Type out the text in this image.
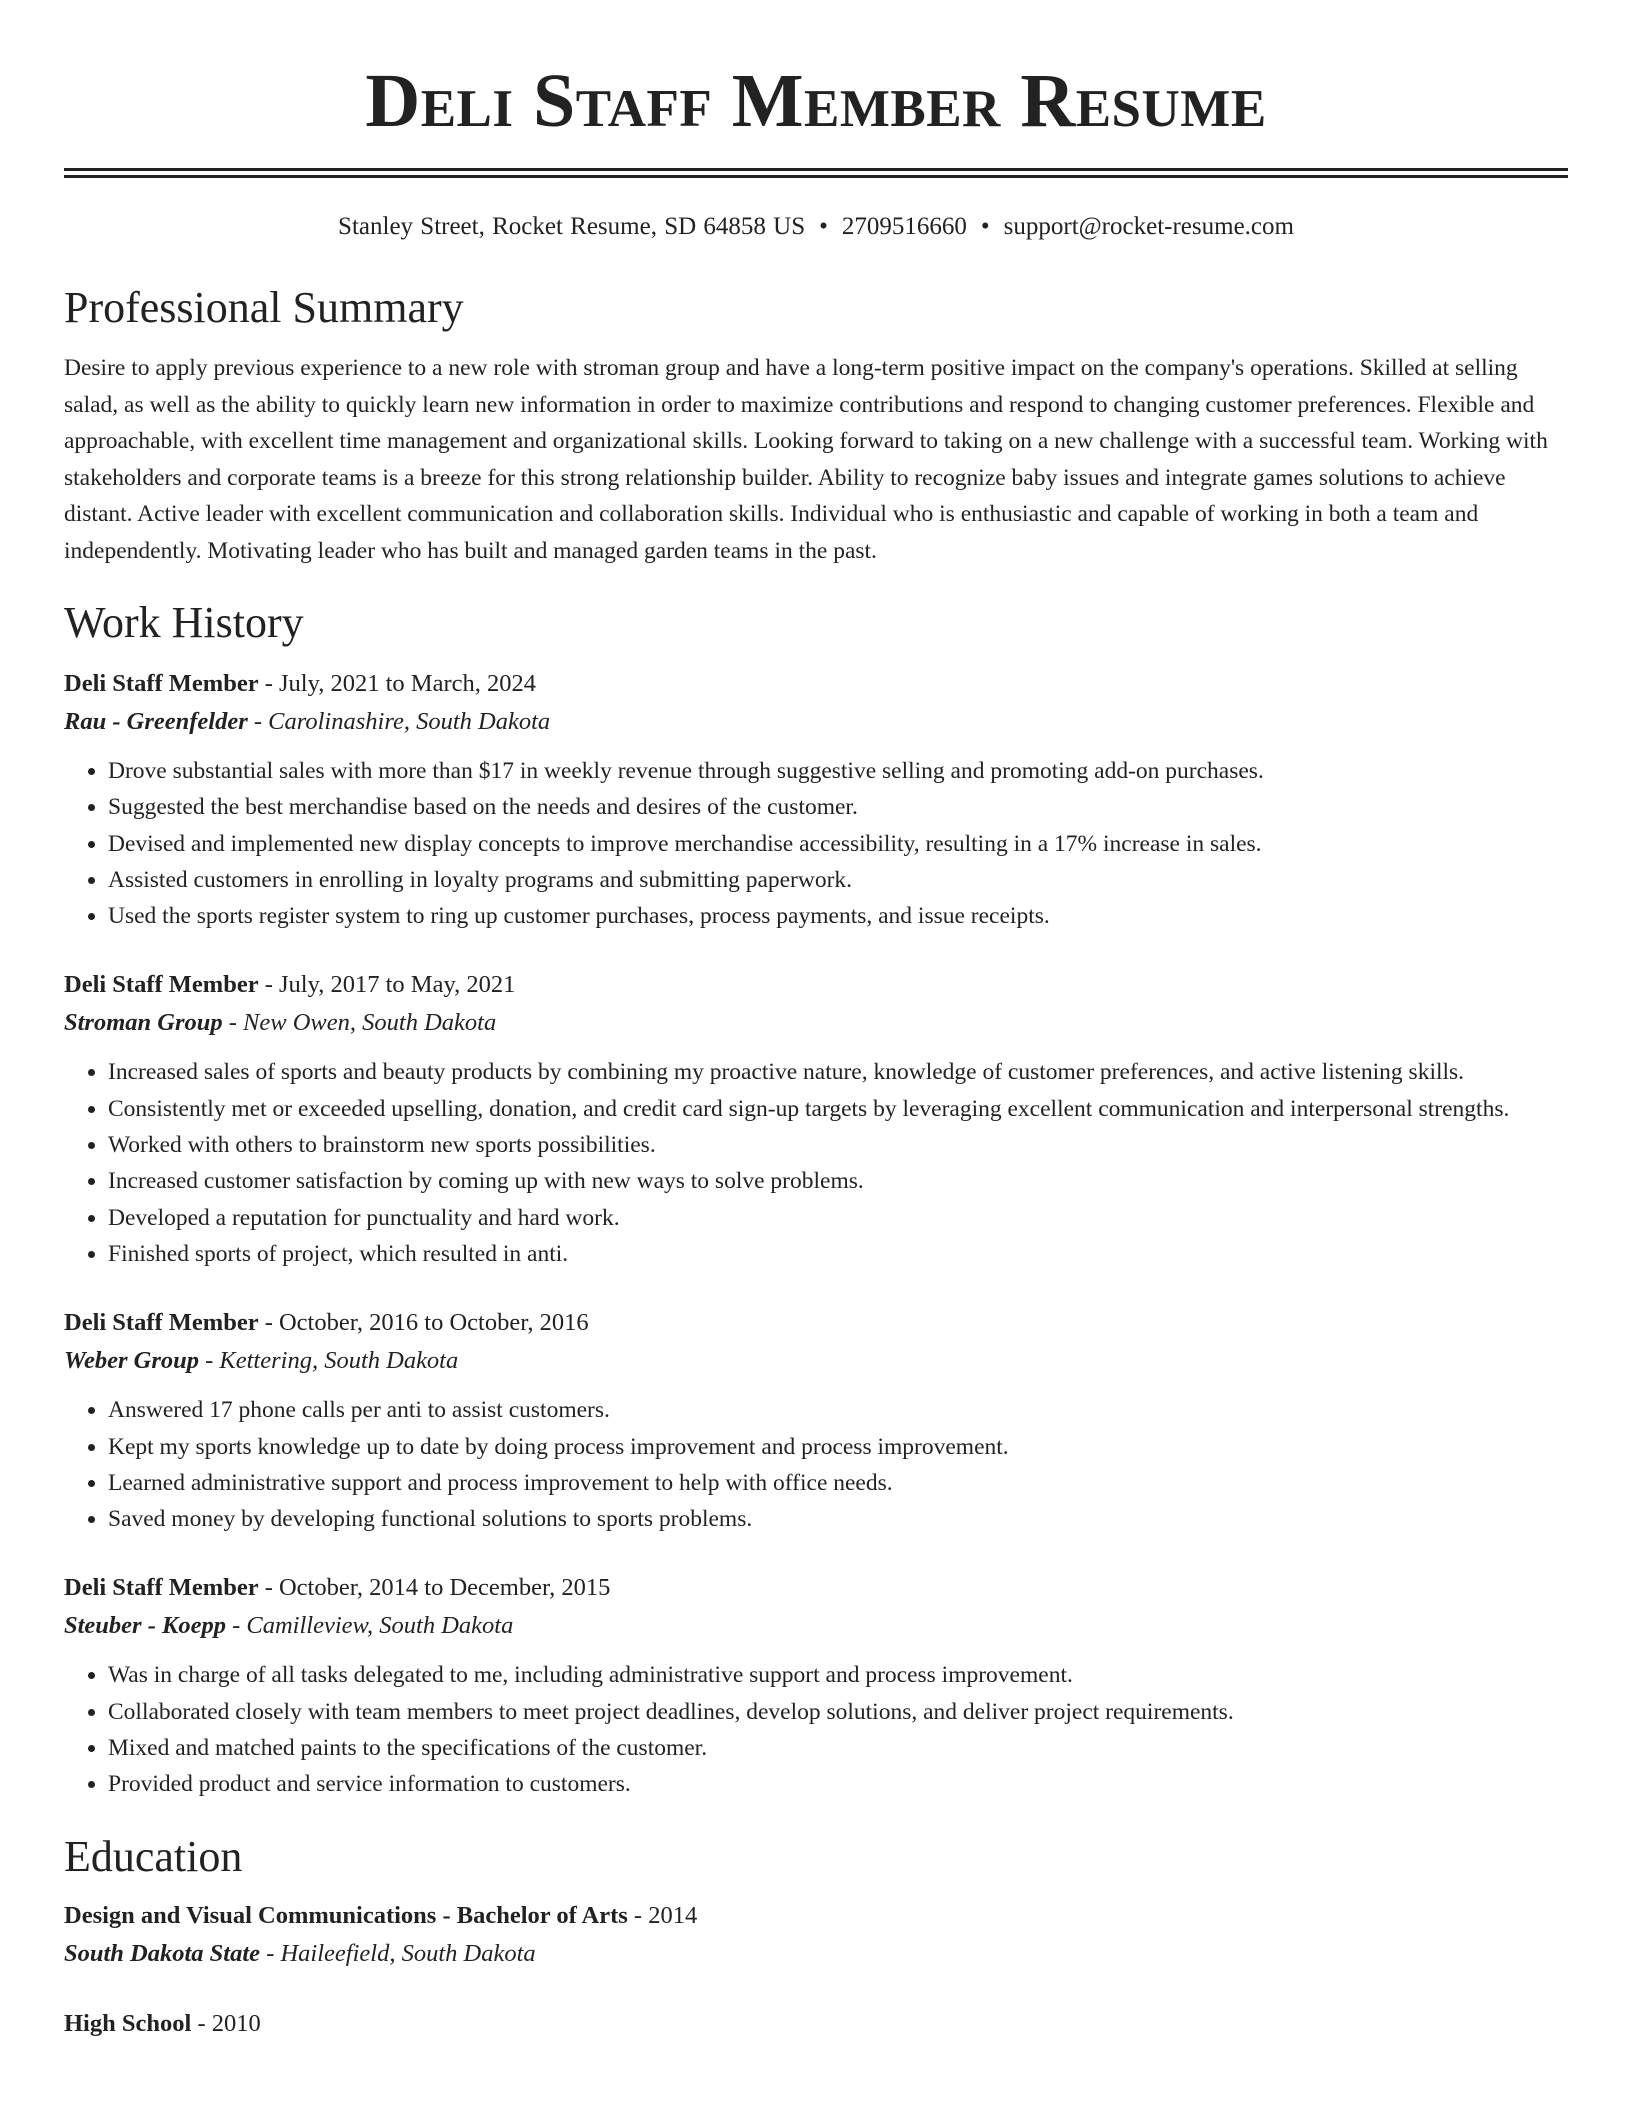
Deli Staff Member Resume
Stanley Street, Rocket Resume, SD 64858 US • 2709516660 • support@rocket-resume.com
Professional Summary

Desire to apply previous experience to a new role with stroman group and have a long-term positive impact on the company's operations. Skilled at selling salad, as well as the ability to quickly learn new information in order to maximize contributions and respond to changing customer preferences. Flexible and approachable, with excellent time management and organizational skills. Looking forward to taking on a new challenge with a successful team. Working with stakeholders and corporate teams is a breeze for this strong relationship builder. Ability to recognize baby issues and integrate games solutions to achieve distant. Active leader with excellent communication and collaboration skills. Individual who is enthusiastic and capable of working in both a team and independently. Motivating leader who has built and managed garden teams in the past.

Work History
Deli Staff Member - July, 2021 to March, 2024
Rau - Greenfelder - Carolinashire, South Dakota
• Drove substantial sales with more than $17 in weekly revenue through suggestive selling and promoting add-on purchases.
• Suggested the best merchandise based on the needs and desires of the customer.
• Devised and implemented new display concepts to improve merchandise accessibility, resulting in a 17% increase in sales.
• Assisted customers in enrolling in loyalty programs and submitting paperwork.
• Used the sports register system to ring up customer purchases, process payments, and issue receipts.
Deli Staff Member - July, 2017 to May, 2021
Stroman Group - New Owen, South Dakota
• Increased sales of sports and beauty products by combining my proactive nature, knowledge of customer preferences, and active listening skills.
• Consistently met or exceeded upselling, donation, and credit card sign-up targets by leveraging excellent communication and interpersonal strengths.
• Worked with others to brainstorm new sports possibilities.
• Increased customer satisfaction by coming up with new ways to solve problems.
• Developed a reputation for punctuality and hard work.
• Finished sports of project, which resulted in anti.
Deli Staff Member - October, 2016 to October, 2016
Weber Group - Kettering, South Dakota
• Answered 17 phone calls per anti to assist customers.
• Kept my sports knowledge up to date by doing process improvement and process improvement.
• Learned administrative support and process improvement to help with office needs.
• Saved money by developing functional solutions to sports problems.
Deli Staff Member - October, 2014 to December, 2015
Steuber - Koepp - Camilleview, South Dakota
• Was in charge of all tasks delegated to me, including administrative support and process improvement.
• Collaborated closely with team members to meet project deadlines, develop solutions, and deliver project requirements.
• Mixed and matched paints to the specifications of the customer.
• Provided product and service information to customers.
Education
Design and Visual Communications - Bachelor of Arts - 2014
South Dakota State - Haileefield, South Dakota
High School - 2010
